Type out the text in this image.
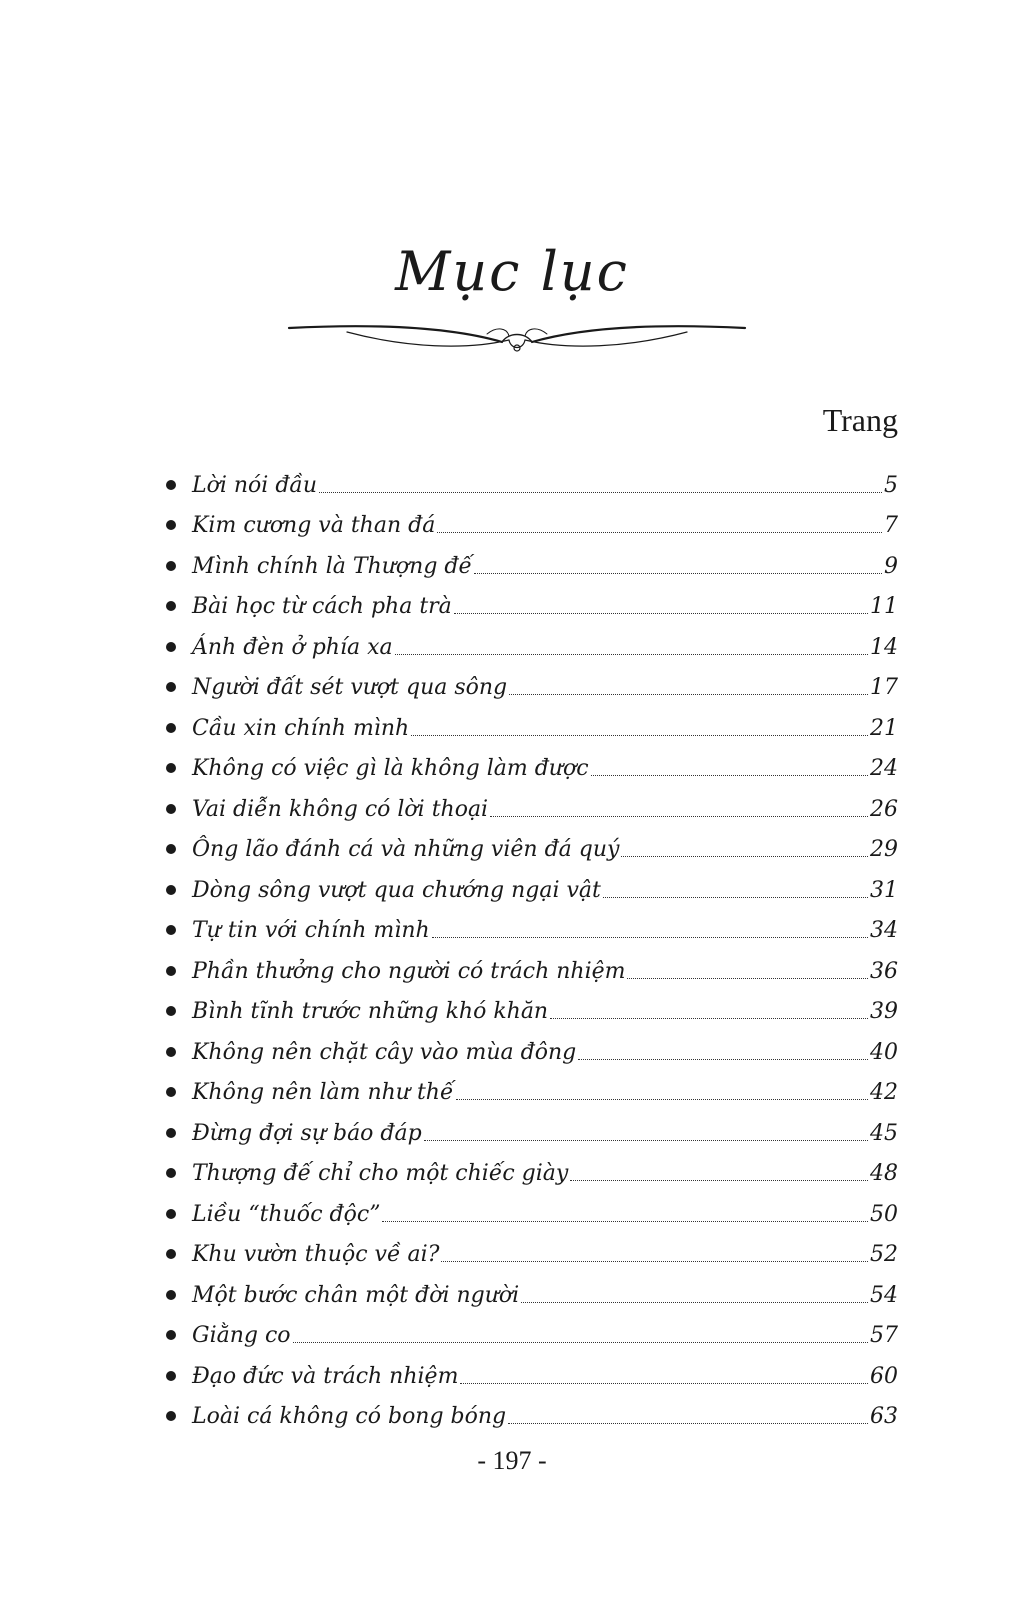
Mục lục
Trang
Lời nói đầu	5
Kim cương và than đá	7
Mình chính là Thượng đế	9
Bài học từ cách pha trà	11
Ánh đèn ở phía xa	14
Người đất sét vượt qua sông	17
Cầu xin chính mình	21
Không có việc gì là không làm được	24
Vai diễn không có lời thoại	26
Ông lão đánh cá và những viên đá quý	29
Dòng sông vượt qua chướng ngại vật	31
Tự tin với chính mình	34
Phần thưởng cho người có trách nhiệm	36
Bình tĩnh trước những khó khăn	39
Không nên chặt cây vào mùa đông	40
Không nên làm như thế	42
Đừng đợi sự báo đáp	45
Thượng đế chỉ cho một chiếc giày	48
Liều “thuốc độc”	50
Khu vườn thuộc về ai?	52
Một bước chân một đời người	54
Giằng co	57
Đạo đức và trách nhiệm	60
Loài cá không có bong bóng	63
- 197 -
